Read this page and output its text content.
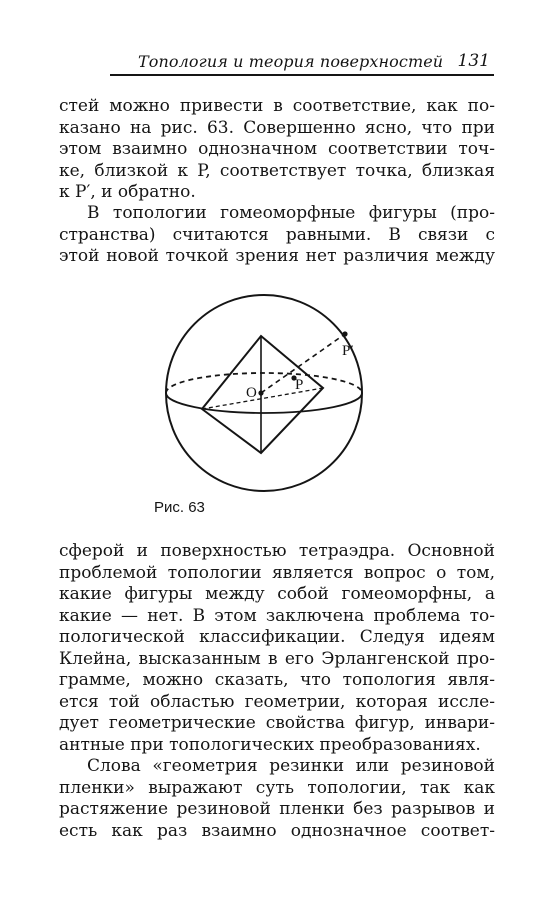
Топология и теория поверхностей 131
стей можно привести в соответствие, как по-
казано на рис. 63. Совершенно ясно, что при
этом взаимно однозначном соответствии точ-
ке, близкой к P, соответствует точка, близкая
к P′, и обратно.
В топологии гомеоморфные фигуры (про-
странства) считаются равными. В связи с
этой новой точкой зрения нет различия между
O	P
P′
Рис. 63
сферой и поверхностью тетраэдра. Основной
проблемой топологии является вопрос о том,
какие фигуры между собой гомеоморфны, а
какие — нет. В этом заключена проблема то-
пологической классификации. Следуя идеям
Клейна, высказанным в его Эрлангенской про-
грамме, можно сказать, что топология явля-
ется той областью геометрии, которая иссле-
дует геометрические свойства фигур, инвари-
антные при топологических преобразованиях.
Слова «геометрия резинки или резиновой
пленки» выражают суть топологии, так как
растяжение резиновой пленки без разрывов и
есть как раз взаимно однозначное соответ-
